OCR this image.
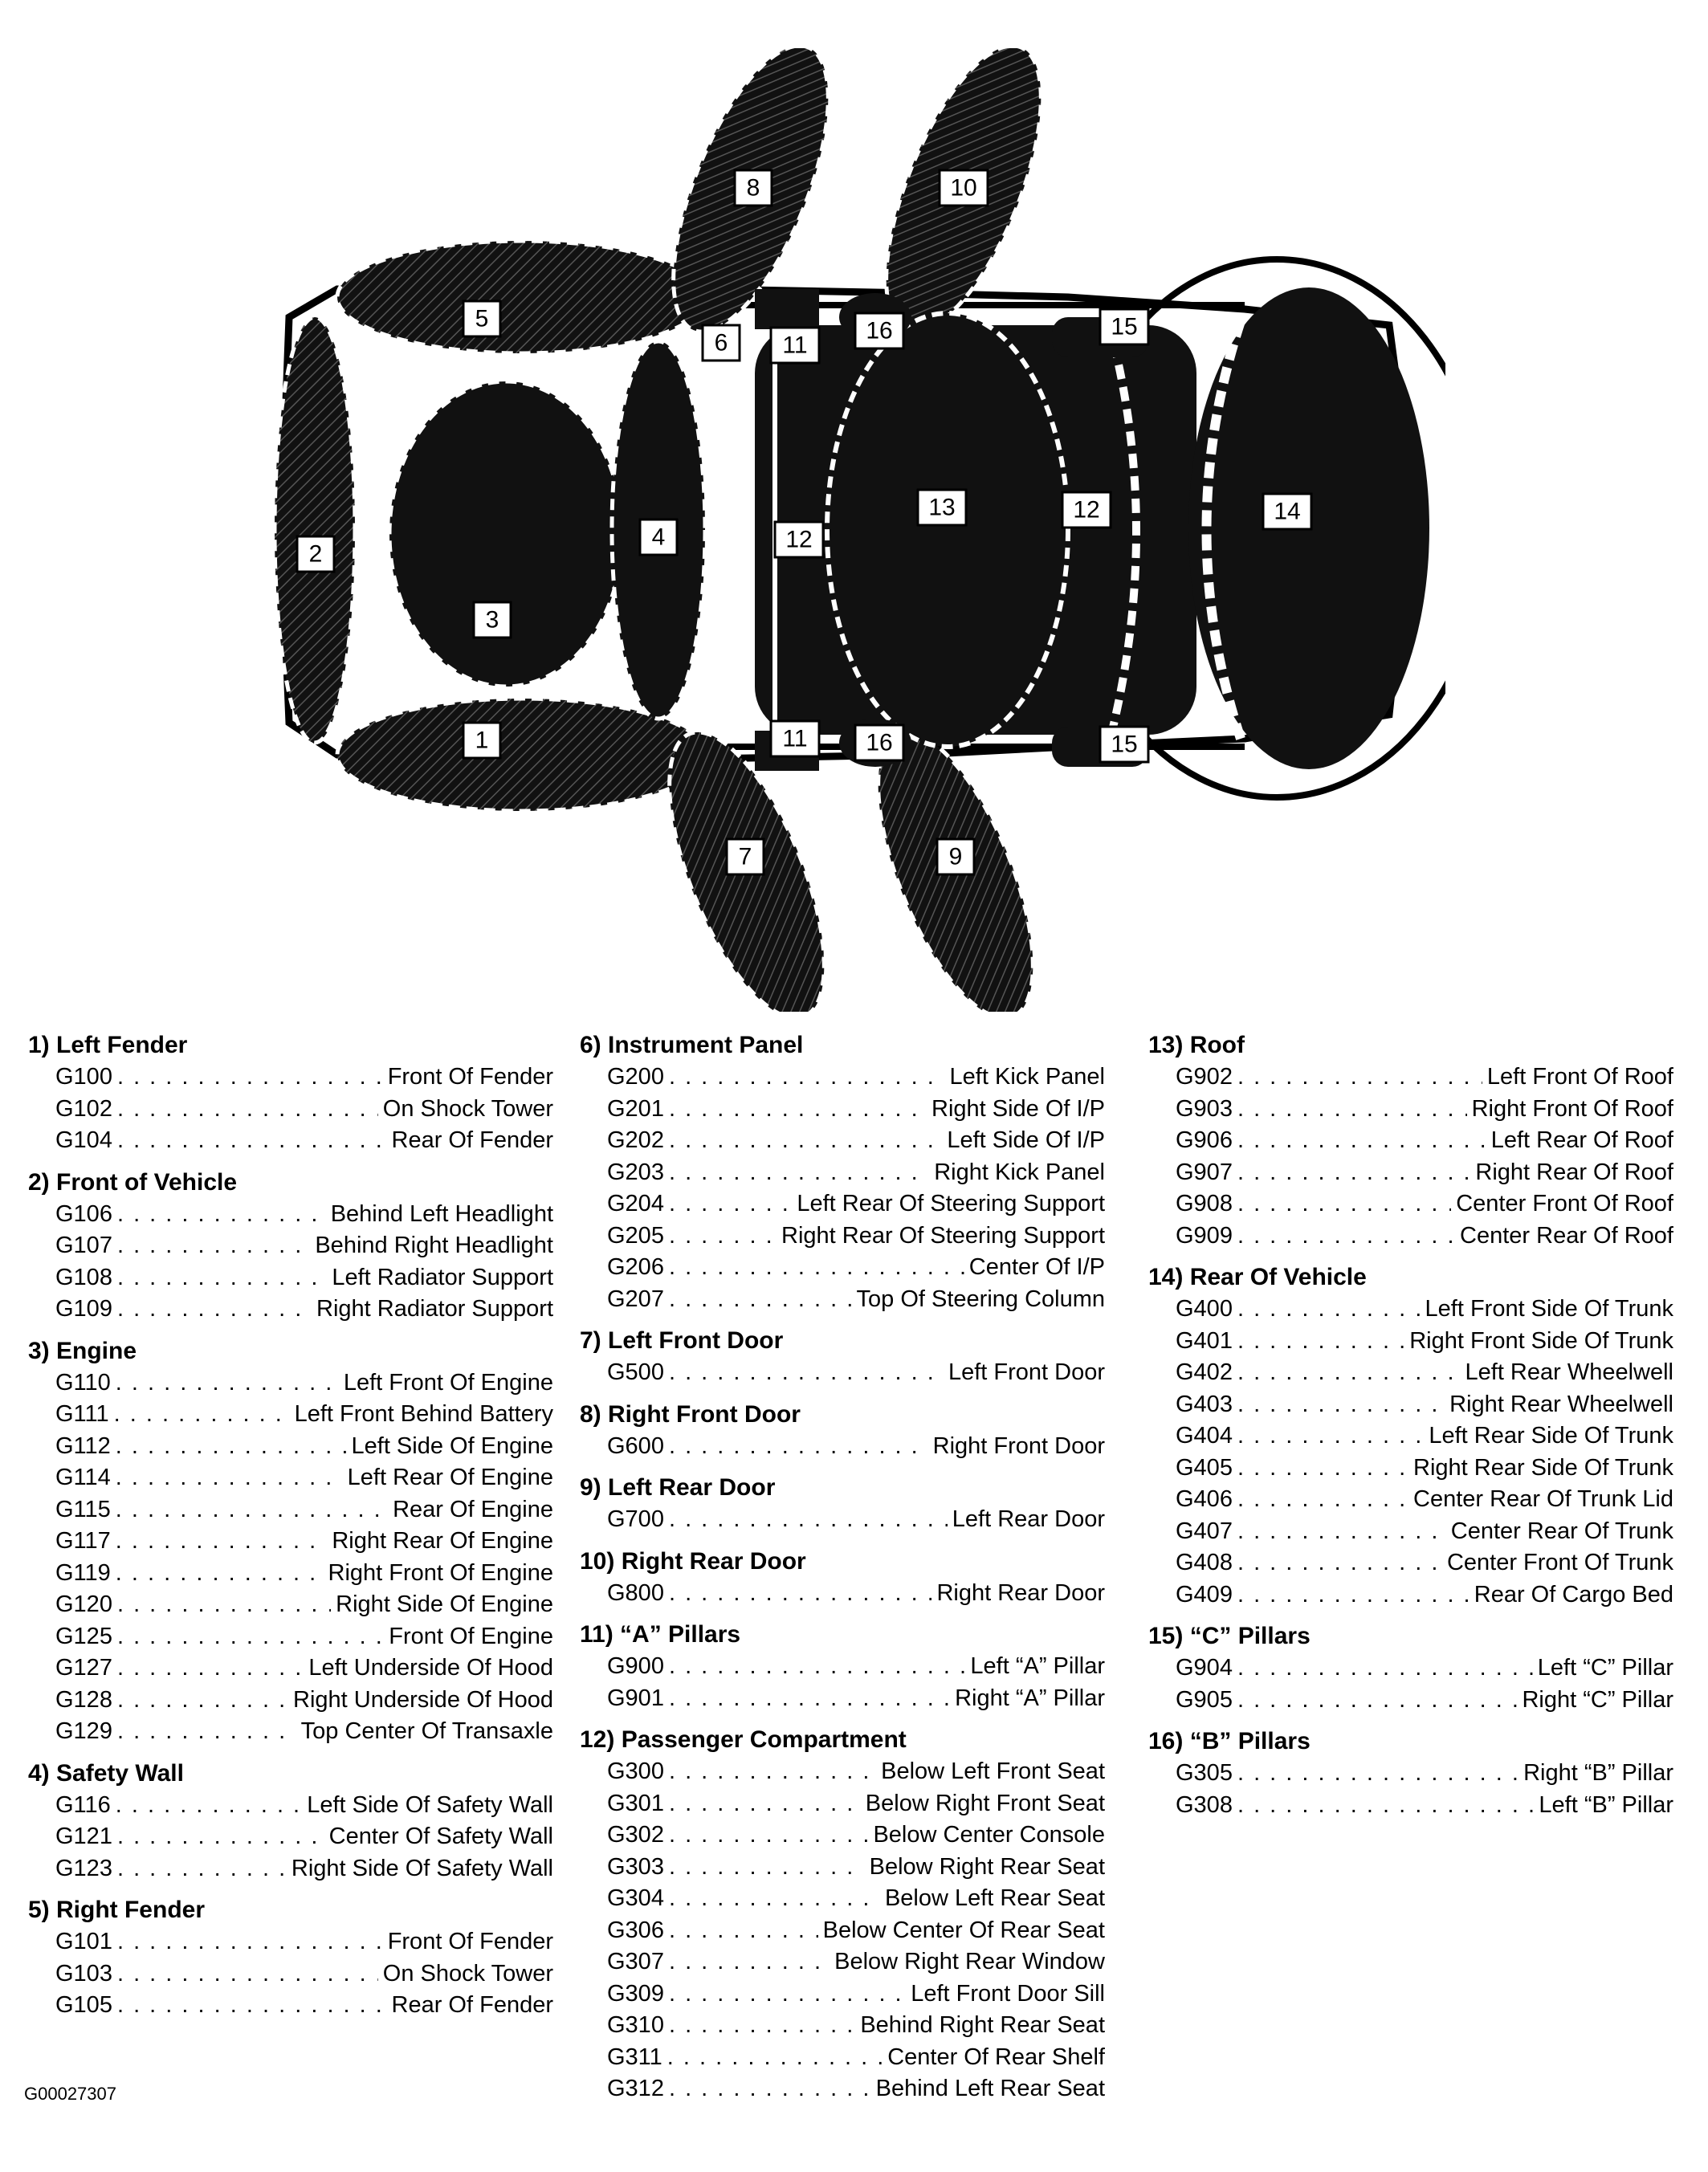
5
1
2
3
4
6
7
8
9
10
11
11
12
12
13	14
15
15
16
16
1) Left Fender
G100 . . .	Front Of Fender
G102 . . .	On Shock Tower
G104 . . .	Rear Of Fender
2) Front of Vehicle
G106 . . .	Behind Left Headlight
G107 . . .	Behind Right Headlight
G108 . . .	Left Radiator Support
G109 . . .	Right Radiator Support
3) Engine
G110 . . .	Left Front Of Engine
G111 . . .	Left Front Behind Battery
G112 . . .	Left Side Of Engine
G114 . . .	Left Rear Of Engine
G115 . . .	Rear Of Engine
G117 . . .	Right Rear Of Engine
G119 . . .	Right Front Of Engine
G120 . . .	Right Side Of Engine
G125 . . .	Front Of Engine
G127 . . .	Left Underside Of Hood
G128 . . .	Right Underside Of Hood
G129 . . .	Top Center Of Transaxle
4) Safety Wall
G116 . . .	Left Side Of Safety Wall
G121 . . .	Center Of Safety Wall
G123 . . .	Right Side Of Safety Wall
5) Right Fender
G101 . . .	Front Of Fender
G103 . . .	On Shock Tower
G105 . . .	Rear Of Fender
6) Instrument Panel
G200 . . .	Left Kick Panel
G201 . . .	Right Side Of I/P
G202 . . .	Left Side Of I/P
G203 . . .	Right Kick Panel
G204 . . .	Left Rear Of Steering Support
G205 . . .	Right Rear Of Steering Support
G206 . . .	Center Of I/P
G207 . . .	Top Of Steering Column
7) Left Front Door
G500 . . .	Left Front Door
8) Right Front Door
G600 . . .	Right Front Door
9) Left Rear Door
G700 . . .	Left Rear Door
10) Right Rear Door
G800 . . .	Right Rear Door
11) “A” Pillars
G900 . . .	Left “A” Pillar
G901 . . .	Right “A” Pillar
12) Passenger Compartment
G300 . . .	Below Left Front Seat
G301 . . .	Below Right Front Seat
G302 . . .	Below Center Console
G303 . . .	Below Right Rear Seat
G304 . . .	Below Left Rear Seat
G306 . . .	Below Center Of Rear Seat
G307 . . .	Below Right Rear Window
G309 . . .	Left Front Door Sill
G310 . . .	Behind Right Rear Seat
G311 . . .	Center Of Rear Shelf
G312 . . .	Behind Left Rear Seat
13) Roof
G902 . . .	Left Front Of Roof
G903 . . .	Right Front Of Roof
G906 . . .	Left Rear Of Roof
G907 . . .	Right Rear Of Roof
G908 . . .	Center Front Of Roof
G909 . . .	Center Rear Of Roof
14) Rear Of Vehicle
G400 . . .	Left Front Side Of Trunk
G401 . . .	Right Front Side Of Trunk
G402 . . .	Left Rear Wheelwell
G403 . . .	Right Rear Wheelwell
G404 . . .	Left Rear Side Of Trunk
G405 . . .	Right Rear Side Of Trunk
G406 . . .	Center Rear Of Trunk Lid
G407 . . .	Center Rear Of Trunk
G408 . . .	Center Front Of Trunk
G409 . . .	Rear Of Cargo Bed
15) “C” Pillars
G904 . . .	Left “C” Pillar
G905 . . .	Right “C” Pillar
16) “B” Pillars
G305 . . .	Right “B” Pillar
G308 . . .	Left “B” Pillar
G00027307
